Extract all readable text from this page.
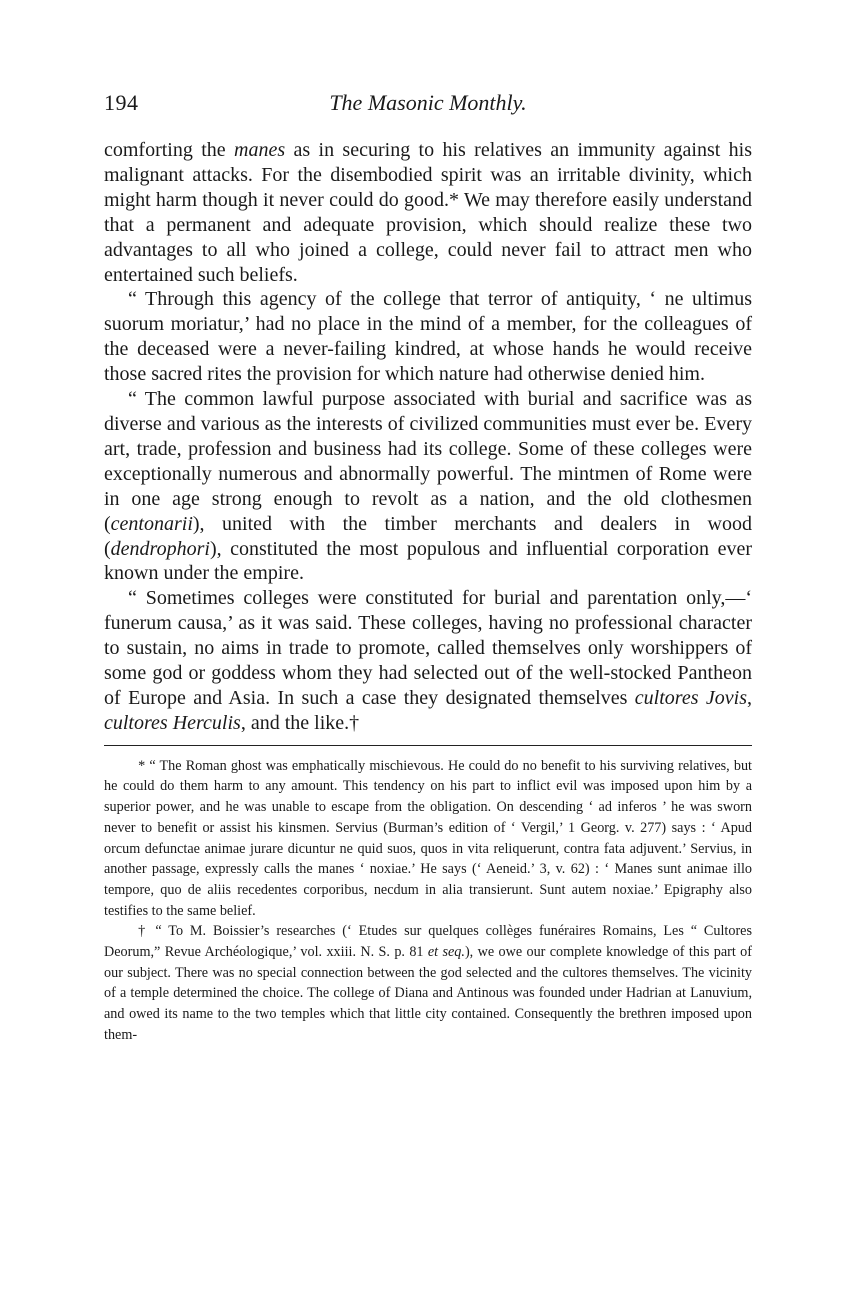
194	The Masonic Monthly.

comforting the manes as in securing to his relatives an immunity against his malignant attacks. For the disembodied spirit was an irritable divinity, which might harm though it never could do good.* We may therefore easily understand that a permanent and adequate provision, which should realize these two advantages to all who joined a college, could never fail to attract men who entertained such beliefs.

“ Through this agency of the college that terror of antiquity, ‘ ne ultimus suorum moriatur,’ had no place in the mind of a member, for the colleagues of the deceased were a never-failing kindred, at whose hands he would receive those sacred rites the provision for which nature had otherwise denied him.

“ The common lawful purpose associated with burial and sacrifice was as diverse and various as the interests of civilized communities must ever be. Every art, trade, profession and business had its college. Some of these colleges were exceptionally numerous and abnormally powerful. The mintmen of Rome were in one age strong enough to revolt as a nation, and the old clothesmen (centonarii), united with the timber merchants and dealers in wood (dendrophori), constituted the most populous and influential corporation ever known under the empire.

“ Sometimes colleges were constituted for burial and parentation only,—‘ funerum causa,’ as it was said. These colleges, having no professional character to sustain, no aims in trade to promote, called themselves only worshippers of some god or goddess whom they had selected out of the well-stocked Pantheon of Europe and Asia. In such a case they designated themselves cultores Jovis, cultores Herculis, and the like.†

* “ The Roman ghost was emphatically mischievous. He could do no benefit to his surviving relatives, but he could do them harm to any amount. This tendency on his part to inflict evil was imposed upon him by a superior power, and he was unable to escape from the obligation. On descending ‘ ad inferos ’ he was sworn never to benefit or assist his kinsmen. Servius (Burman’s edition of ‘ Vergil,’ 1 Georg. v. 277) says : ‘ Apud orcum defunctae animae jurare dicuntur ne quid suos, quos in vita reliquerunt, contra fata adjuvent.’ Servius, in another passage, expressly calls the manes ‘ noxiae.’ He says (‘ Aeneid.’ 3, v. 62) : ‘ Manes sunt animae illo tempore, quo de aliis recedentes corporibus, necdum in alia transierunt. Sunt autem noxiae.’ Epigraphy also testifies to the same belief.

† “ To M. Boissier’s researches (‘ Etudes sur quelques collèges funéraires Romains, Les “ Cultores Deorum,” Revue Archéologique,’ vol. xxiii. N. S. p. 81 et seq.), we owe our complete knowledge of this part of our subject. There was no special connection between the god selected and the cultores themselves. The vicinity of a temple determined the choice. The college of Diana and Antinous was founded under Hadrian at Lanuvium, and owed its name to the two temples which that little city contained. Consequently the brethren imposed upon them-
